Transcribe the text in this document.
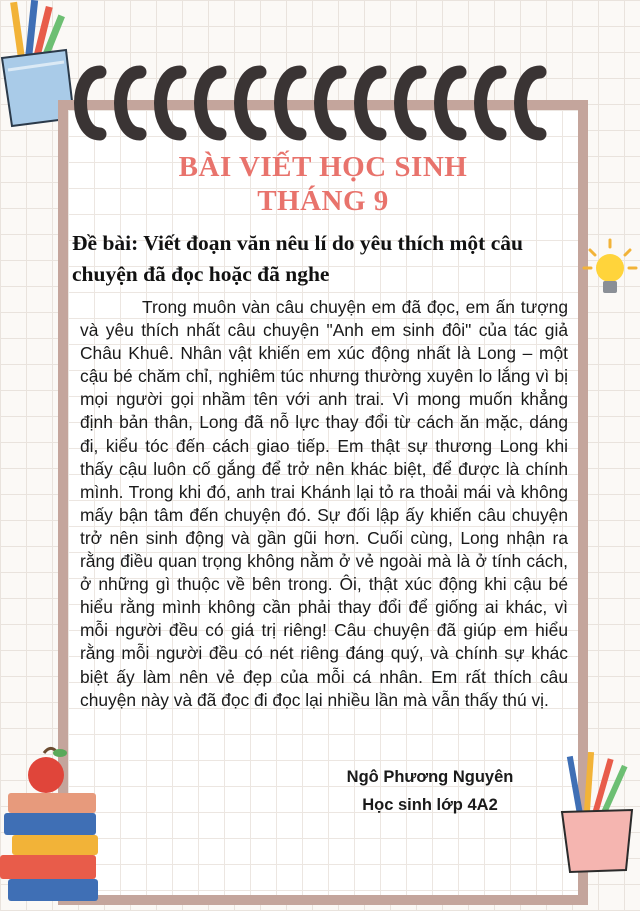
BÀI VIẾT HỌC SINH

THÁNG 9

Đề bài: Viết đoạn văn nêu lí do yêu thích một câu chuyện đã đọc hoặc đã nghe

Trong muôn vàn câu chuyện em đã đọc, em ấn tượng và yêu thích nhất câu chuyện "Anh em sinh đôi" của tác giả Châu Khuê. Nhân vật khiến em xúc động nhất là Long – một cậu bé chăm chỉ, nghiêm túc nhưng thường xuyên lo lắng vì bị mọi người gọi nhầm tên với anh trai. Vì mong muốn khẳng định bản thân, Long đã nỗ lực thay đổi từ cách ăn mặc, dáng đi, kiểu tóc đến cách giao tiếp. Em thật sự thương Long khi thấy cậu luôn cố gắng để trở nên khác biệt, để được là chính mình. Trong khi đó, anh trai Khánh lại tỏ ra thoải mái và không mấy bận tâm đến chuyện đó. Sự đối lập ấy khiến câu chuyện trở nên sinh động và gần gũi hơn. Cuối cùng, Long nhận ra rằng điều quan trọng không nằm ở vẻ ngoài mà là ở tính cách, ở những gì thuộc về bên trong. Ôi, thật xúc động khi cậu bé hiểu rằng mình không cần phải thay đổi để giống ai khác, vì mỗi người đều có giá trị riêng! Câu chuyện đã giúp em hiểu rằng mỗi người đều có nét riêng đáng quý, và chính sự khác biệt ấy làm nên vẻ đẹp của mỗi cá nhân. Em rất thích câu chuyện này và đã đọc đi đọc lại nhiều lần mà vẫn thấy thú vị.

Ngô Phương Nguyên

Học sinh lớp 4A2
